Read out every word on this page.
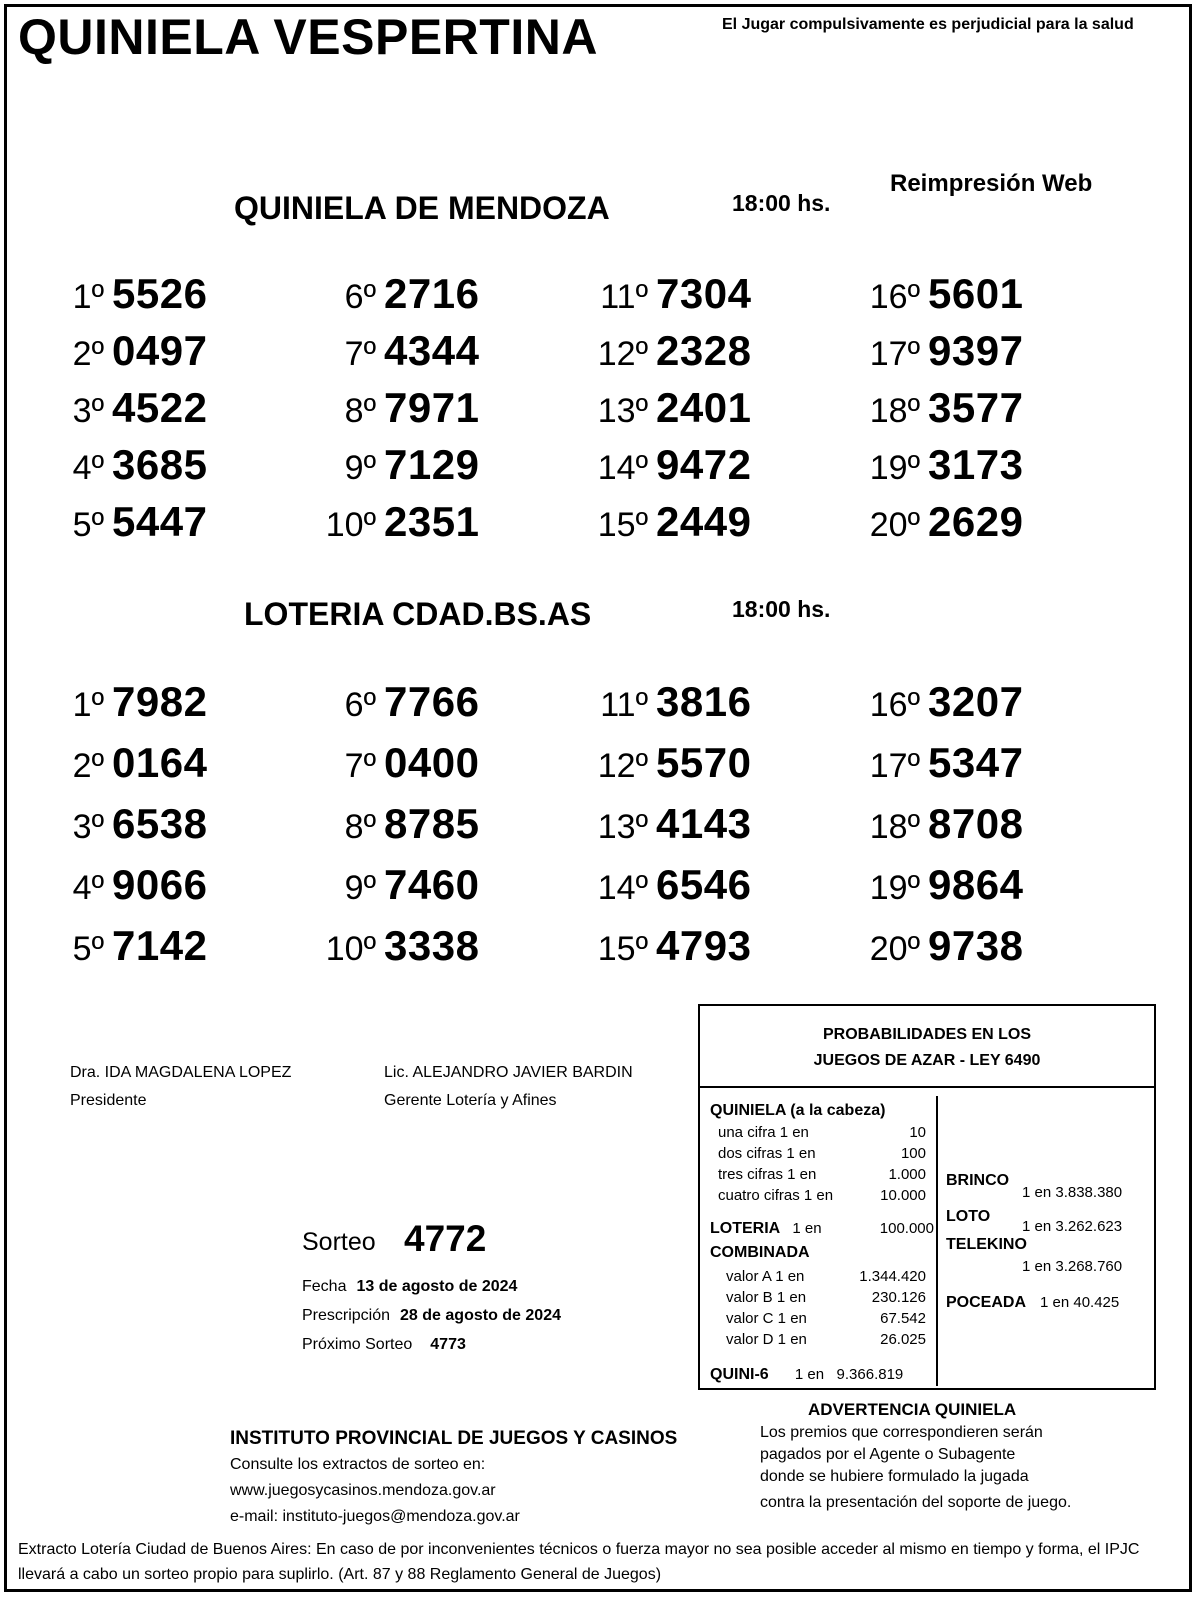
QUINIELA VESPERTINA	El Jugar compulsivamente es perjudicial para la salud
Reimpresión Web
QUINIELA DE MENDOZA	18:00 hs.
1º 5526
2º 0497
3º 4522
4º 3685
5º 5447
6º 2716
7º 4344
8º 7971
9º 7129
10º 2351
11º 7304
12º 2328
13º 2401
14º 9472
15º 2449
16º 5601
17º 9397
18º 3577
19º 3173
20º 2629
LOTERIA CDAD.BS.AS	18:00 hs.
1º 7982
2º 0164
3º 6538
4º 9066
5º 7142
6º 7766
7º 0400
8º 8785
9º 7460
10º 3338
11º 3816
12º 5570
13º 4143
14º 6546
15º 4793
16º 3207
17º 5347
18º 8708
19º 9864
20º 9738
Dra. IDA MAGDALENA LOPEZ
Presidente
Lic. ALEJANDRO JAVIER BARDIN
Gerente Lotería y Afines
Sorteo 4772
Fecha 13 de agosto de 2024
Prescripción 28 de agosto de 2024
Próximo Sorteo 4773
PROBABILIDADES EN LOS
JUEGOS DE AZAR - LEY 6490
QUINIELA (a la cabeza)
una cifra 1 en	10
dos cifras 1 en	100
tres cifras 1 en	1.000
cuatro cifras 1 en	10.000
LOTERIA 1 en	100.000
COMBINADA
valor A 1 en	1.344.420
valor B 1 en	230.126
valor C 1 en	67.542
valor D 1 en	26.025
QUINI-6 1 en   9.366.819
BRINCO
1 en 3.838.380
LOTO
1 en 3.262.623
TELEKINO
1 en 3.268.760
POCEADA 1 en 40.425
INSTITUTO PROVINCIAL DE JUEGOS Y CASINOS
Consulte los extractos de sorteo en:
www.juegosycasinos.mendoza.gov.ar
e-mail: instituto-juegos@mendoza.gov.ar
ADVERTENCIA QUINIELA
Los premios que correspondieren serán
pagados por el Agente o Subagente
donde se hubiere formulado la jugada
contra la presentación del soporte de juego.
Extracto Lotería Ciudad de Buenos Aires: En caso de por inconvenientes técnicos o fuerza mayor no sea posible acceder al mismo en tiempo y forma, el IPJC llevará a cabo un sorteo propio para suplirlo. (Art. 87 y 88 Reglamento General de Juegos)
